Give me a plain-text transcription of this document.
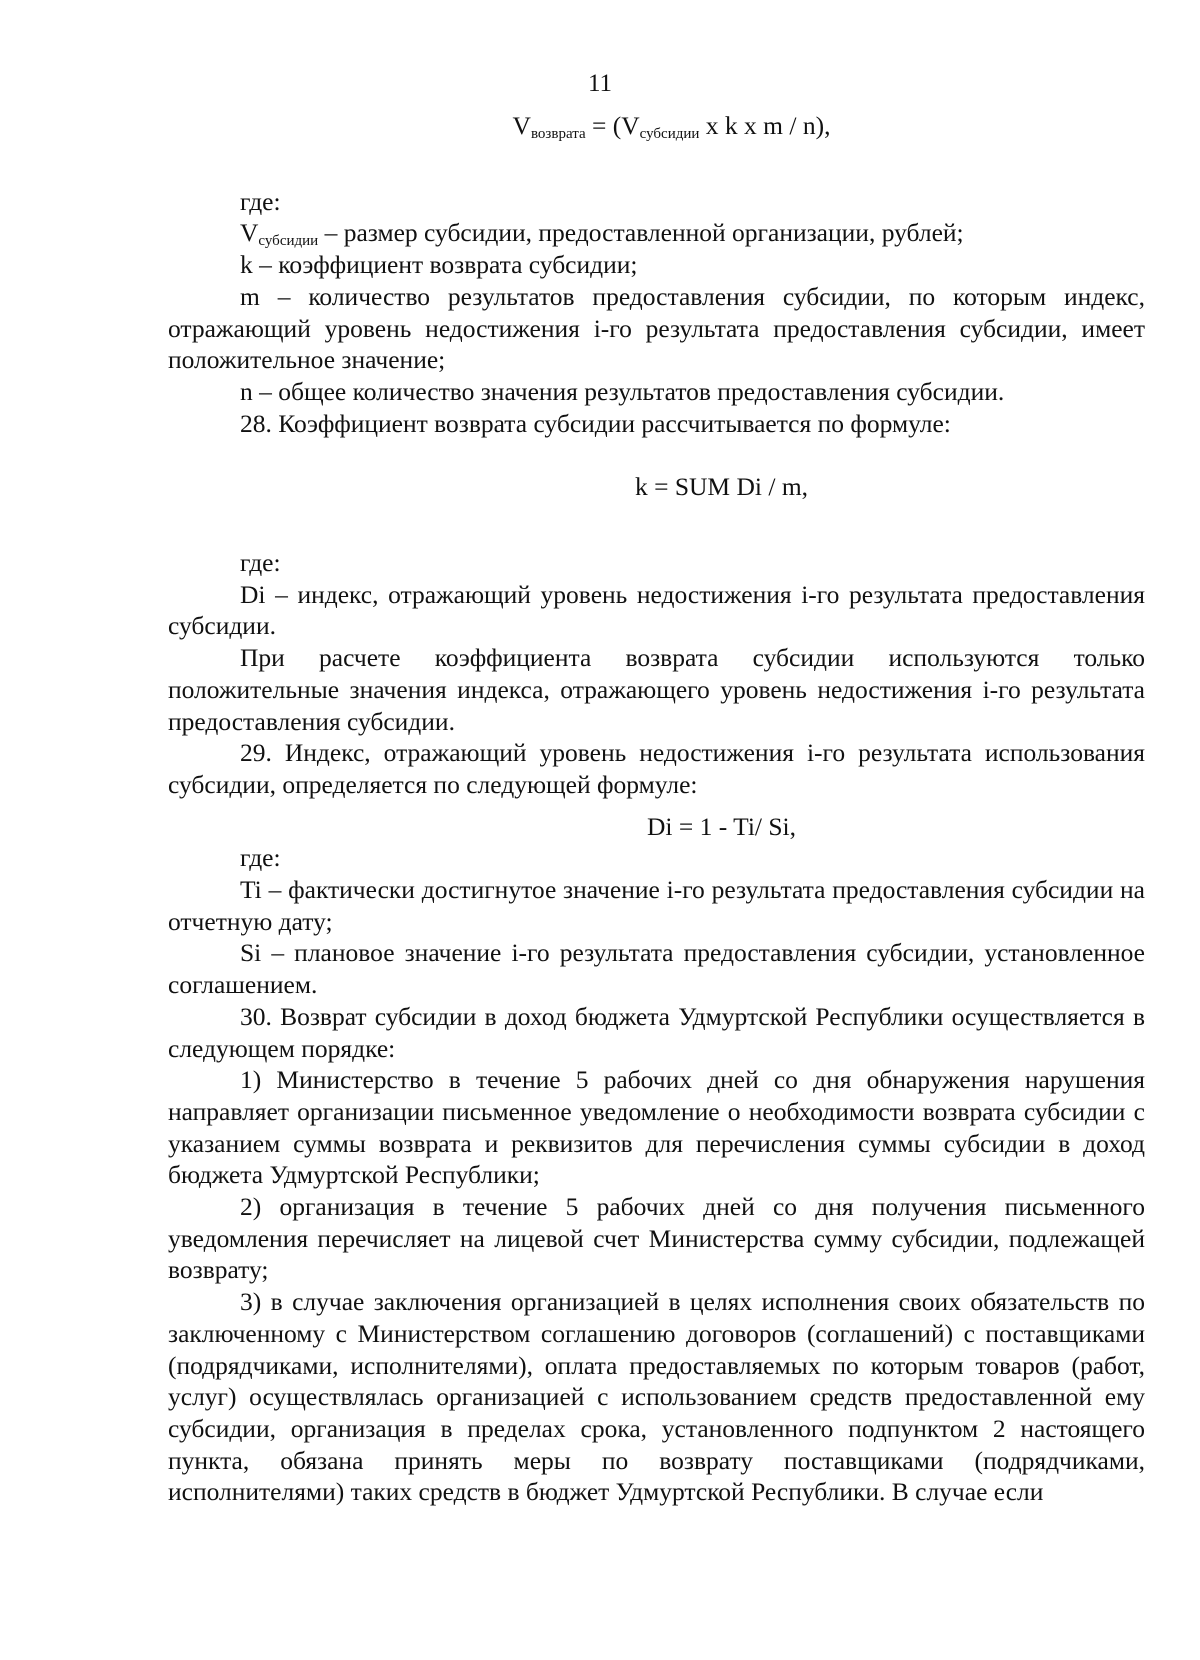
11
$V_{возврата} = (V_{субсидии}$ x k x m / n),

где:

$V_{субсидии}$ – размер субсидии, предоставленной организации, рублей;

k – коэффициент возврата субсидии;

m – количество результатов предоставления субсидии, по которым индекс, отражающий уровень недостижения i-го результата предоставления субсидии, имеет положительное значение;

n – общее количество значения результатов предоставления субсидии.

28. Коэффициент возврата субсидии рассчитывается по формуле:

k = SUM Di / m,

где:

Di – индекс, отражающий уровень недостижения i-го результата предоставления субсидии.

При расчете коэффициента возврата субсидии используются только положительные значения индекса, отражающего уровень недостижения i-го результата предоставления субсидии.

29. Индекс, отражающий уровень недостижения i-го результата использования субсидии, определяется по следующей формуле:

Di = 1 - Ti/ Si,

где:

Ti – фактически достигнутое значение i-го результата предоставления субсидии на отчетную дату;

Si – плановое значение i-го результата предоставления субсидии, установленное соглашением.

30. Возврат субсидии в доход бюджета Удмуртской Республики осуществляется в следующем порядке:

1) Министерство в течение 5 рабочих дней со дня обнаружения нарушения направляет организации письменное уведомление о необходимости возврата субсидии с указанием суммы возврата и реквизитов для перечисления суммы субсидии в доход бюджета Удмуртской Республики;

2) организация в течение 5 рабочих дней со дня получения письменного уведомления перечисляет на лицевой счет Министерства сумму субсидии, подлежащей возврату;

3) в случае заключения организацией в целях исполнения своих обязательств по заключенному с Министерством соглашению договоров (соглашений) с поставщиками (подрядчиками, исполнителями), оплата предоставляемых по которым товаров (работ, услуг) осуществлялась организацией с использованием средств предоставленной ему субсидии, организация в пределах срока, установленного подпунктом 2 настоящего пункта, обязана принять меры по возврату поставщиками (подрядчиками, исполнителями) таких средств в бюджет Удмуртской Республики. В случае если
